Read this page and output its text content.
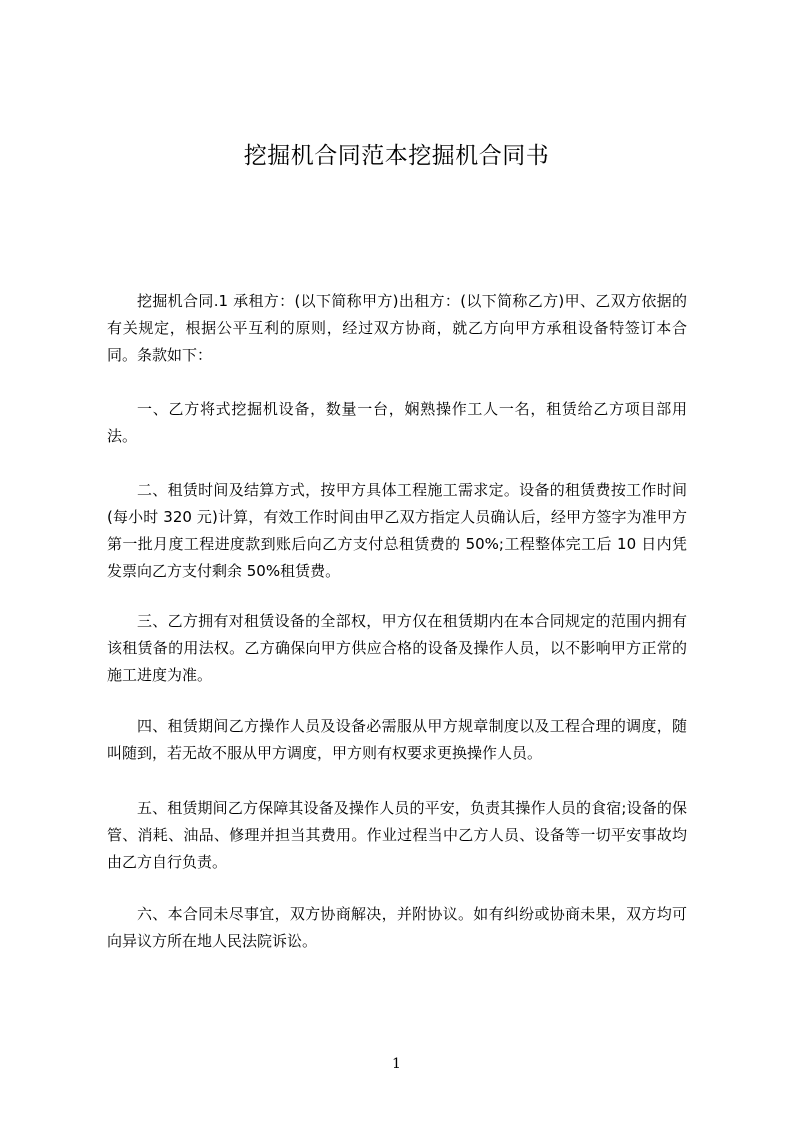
挖掘机合同范本挖掘机合同书
挖掘机合同.1 承租方：(以下简称甲方)出租方：(以下简称乙方)甲、乙双方依据的有关规定，根据公平互利的原则，经过双方协商，就乙方向甲方承租设备特签订本合同。条款如下：
一、乙方将式挖掘机设备，数量一台，娴熟操作工人一名，租赁给乙方项目部用法。
二、租赁时间及结算方式，按甲方具体工程施工需求定。设备的租赁费按工作时间(每小时 320 元)计算，有效工作时间由甲乙双方指定人员确认后，经甲方签字为准甲方第一批月度工程进度款到账后向乙方支付总租赁费的 50%;工程整体完工后 10 日内凭发票向乙方支付剩余 50%租赁费。
三、乙方拥有对租赁设备的全部权，甲方仅在租赁期内在本合同规定的范围内拥有该租赁备的用法权。乙方确保向甲方供应合格的设备及操作人员，以不影响甲方正常的施工进度为准。
四、租赁期间乙方操作人员及设备必需服从甲方规章制度以及工程合理的调度，随叫随到，若无故不服从甲方调度，甲方则有权要求更换操作人员。
五、租赁期间乙方保障其设备及操作人员的平安，负责其操作人员的食宿;设备的保管、消耗、油品、修理并担当其费用。作业过程当中乙方人员、设备等一切平安事故均由乙方自行负责。
六、本合同未尽事宜，双方协商解决，并附协议。如有纠纷或协商未果，双方均可向异议方所在地人民法院诉讼。
1
